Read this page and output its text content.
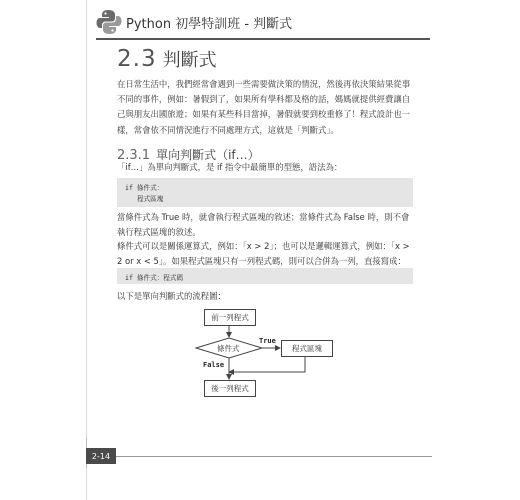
Python 初學特訓班 - 判斷式
2.3 判斷式
在日常生活中，我們經常會遇到一些需要做決策的情況，然後再依決策結果從事不同的事件，例如：暑假到了，如果所有學科都及格的話，媽媽就提供經費讓自己與朋友出國旅遊；如果有某些科目當掉，暑假就要到校重修了！程式設計也一樣，常會依不同情況進行不同處理方式，這就是「判斷式」。
2.3.1 單向判斷式（if…）
「if…」為單向判斷式，是 if 指令中最簡單的型態，語法為：
if 條件式：
程式區塊
當條件式為 True 時，就會執行程式區塊的敘述；當條件式為 False 時，則不會執行程式區塊的敘述。
條件式可以是關係運算式，例如：「x > 2」；也可以是邏輯運算式，例如：「x > 2 or x < 5」。如果程式區塊只有一列程式碼，則可以合併為一列，直接寫成：
if 條件式：程式碼
以下是單向判斷式的流程圖：
前一列程式
條件式
True
程式區塊
False
後一列程式
2-14
